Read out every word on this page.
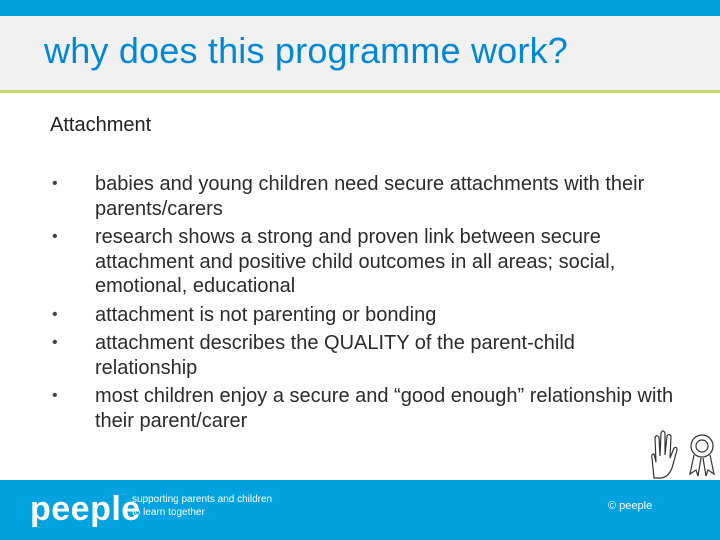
why does this programme work?
Attachment
• babies and young children need secure attachments with their parents/carers
• research shows a strong and proven link between secure attachment and positive child outcomes in all areas; social, emotional, educational
• attachment is not parenting or bonding
• attachment describes the QUALITY of the parent-child relationship
• most children enjoy a secure and “good enough” relationship with their parent/carer
peeple
supporting parents and children
to learn together
© peeple
